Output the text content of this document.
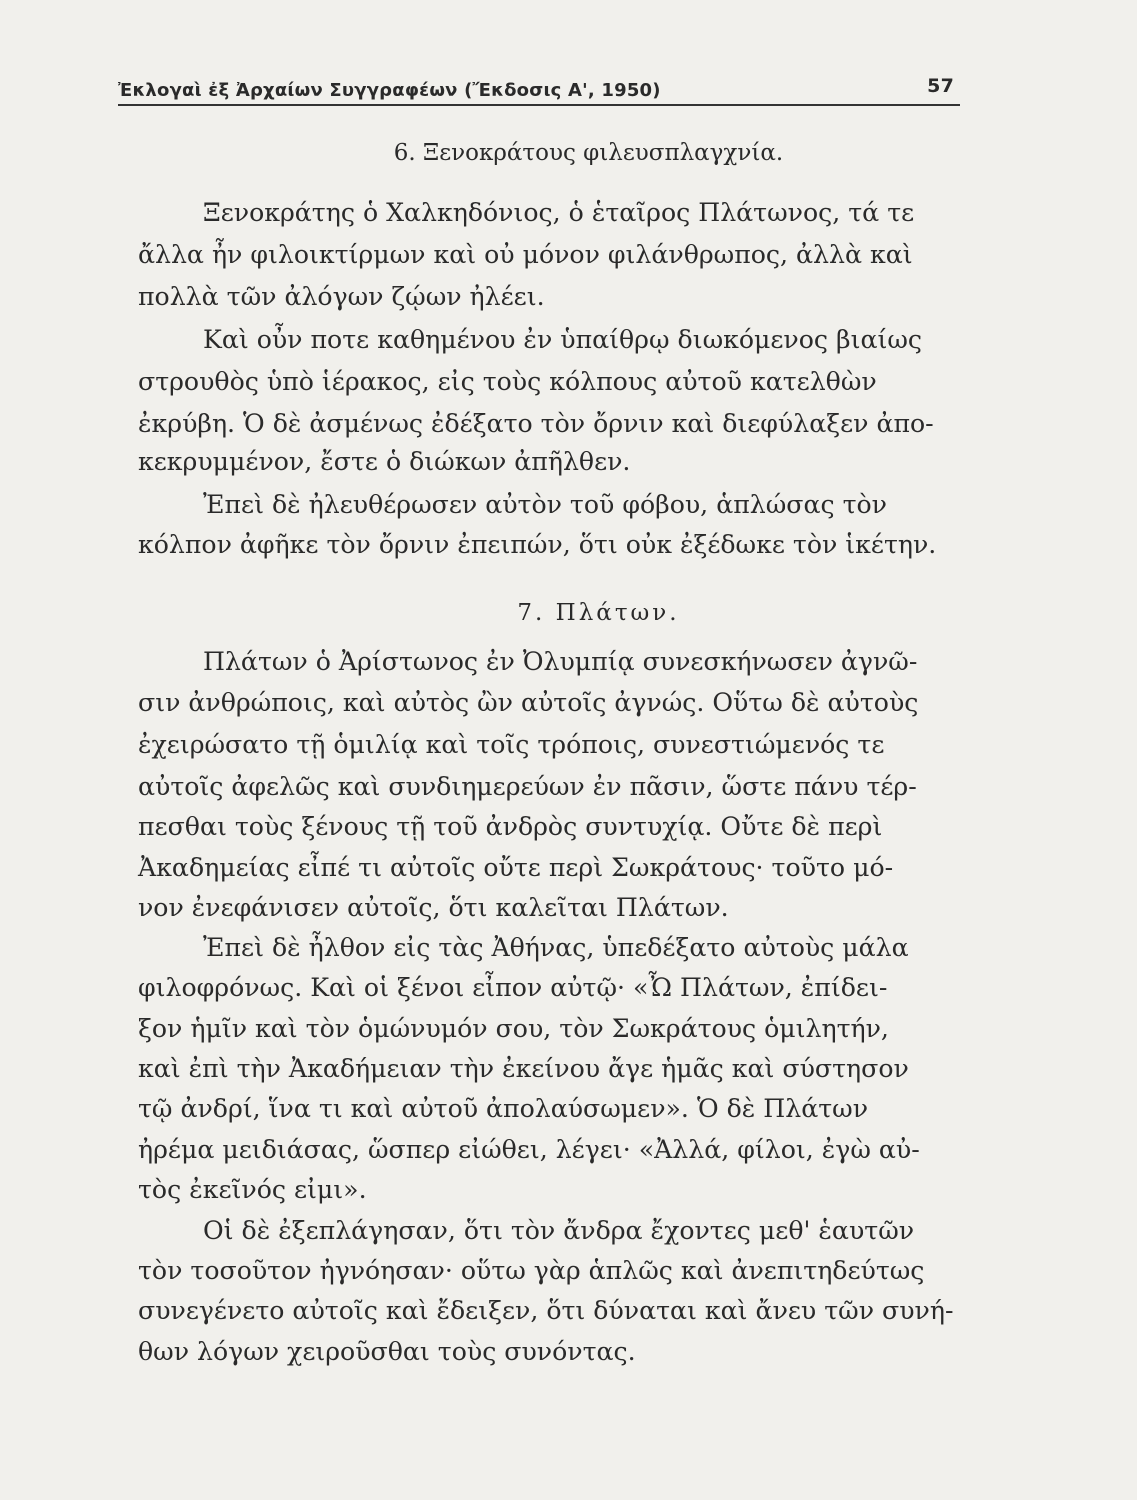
Ἐκλογαὶ ἐξ Ἀρχαίων Συγγραφέων (Ἔκδοσις Α', 1950)	57
6. Ξενοκράτους φιλευσπλαγχνία.
Ξενοκράτης ὁ Χαλκηδόνιος, ὁ ἑταῖρος Πλάτωνος, τά τε
ἄλλα ἦν φιλοικτίρμων καὶ οὐ μόνον φιλάνθρωπος, ἀλλὰ καὶ
πολλὰ τῶν ἀλόγων ζῴων ἠλέει.
Καὶ οὖν ποτε καθημένου ἐν ὑπαίθρῳ διωκόμενος βιαίως
στρουθὸς ὑπὸ ἱέρακος, εἰς τοὺς κόλπους αὐτοῦ κατελθὼν
ἐκρύβη. Ὁ δὲ ἀσμένως ἐδέξατο τὸν ὄρνιν καὶ διεφύλαξεν ἀπο-
κεκρυμμένον, ἔστε ὁ διώκων ἀπῆλθεν.
Ἐπεὶ δὲ ἠλευθέρωσεν αὐτὸν τοῦ φόβου, ἁπλώσας τὸν
κόλπον ἀφῆκε τὸν ὄρνιν ἐπειπών, ὅτι οὐκ ἐξέδωκε τὸν ἱκέτην.
7. Πλάτων.
Πλάτων ὁ Ἀρίστωνος ἐν Ὀλυμπίᾳ συνεσκήνωσεν ἀγνῶ-
σιν ἀνθρώποις, καὶ αὐτὸς ὢν αὐτοῖς ἀγνώς. Οὕτω δὲ αὐτοὺς
ἐχειρώσατο τῇ ὁμιλίᾳ καὶ τοῖς τρόποις, συνεστιώμενός τε
αὐτοῖς ἀφελῶς καὶ συνδιημερεύων ἐν πᾶσιν, ὥστε πάνυ τέρ-
πεσθαι τοὺς ξένους τῇ τοῦ ἀνδρὸς συντυχίᾳ. Οὔτε δὲ περὶ
Ἀκαδημείας εἶπέ τι αὐτοῖς οὔτε περὶ Σωκράτους· τοῦτο μό-
νον ἐνεφάνισεν αὐτοῖς, ὅτι καλεῖται Πλάτων.
Ἐπεὶ δὲ ἦλθον εἰς τὰς Ἀθήνας, ὑπεδέξατο αὐτοὺς μάλα
φιλοφρόνως. Καὶ οἱ ξένοι εἶπον αὐτῷ· «Ὦ Πλάτων, ἐπίδει-
ξον ἡμῖν καὶ τὸν ὁμώνυμόν σου, τὸν Σωκράτους ὁμιλητήν,
καὶ ἐπὶ τὴν Ἀκαδήμειαν τὴν ἐκείνου ἄγε ἡμᾶς καὶ σύστησον
τῷ ἀνδρί, ἵνα τι καὶ αὐτοῦ ἀπολαύσωμεν». Ὁ δὲ Πλάτων
ἠρέμα μειδιάσας, ὥσπερ εἰώθει, λέγει· «Ἀλλά, φίλοι, ἐγὼ αὐ-
τὸς ἐκεῖνός εἰμι».
Οἱ δὲ ἐξεπλάγησαν, ὅτι τὸν ἄνδρα ἔχοντες μεθ' ἑαυτῶν
τὸν τοσοῦτον ἠγνόησαν· οὕτω γὰρ ἁπλῶς καὶ ἀνεπιτηδεύτως
συνεγένετο αὐτοῖς καὶ ἔδειξεν, ὅτι δύναται καὶ ἄνευ τῶν συνή-
θων λόγων χειροῦσθαι τοὺς συνόντας.
